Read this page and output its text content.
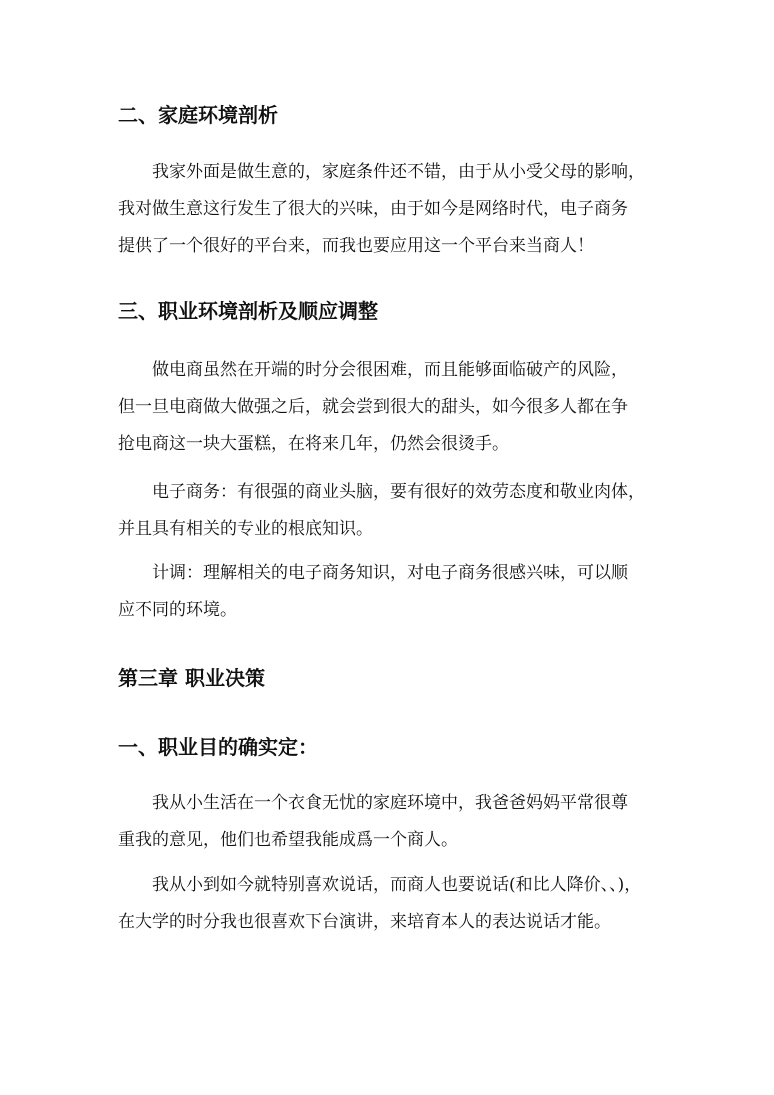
二、家庭环境剖析
我家外面是做生意的，家庭条件还不错，由于从小受父母的影响，
我对做生意这行发生了很大的兴味，由于如今是网络时代，电子商务
提供了一个很好的平台来，而我也要应用这一个平台来当商人！
三、职业环境剖析及顺应调整
做电商虽然在开端的时分会很困难，而且能够面临破产的风险，
但一旦电商做大做强之后，就会尝到很大的甜头，如今很多人都在争
抢电商这一块大蛋糕，在将来几年，仍然会很烫手。
电子商务：有很强的商业头脑，要有很好的效劳态度和敬业肉体，
并且具有相关的专业的根底知识。
计调：理解相关的电子商务知识，对电子商务很感兴味，可以顺
应不同的环境。
第三章 职业决策
一、职业目的确实定：
我从小生活在一个衣食无忧的家庭环境中，我爸爸妈妈平常很尊
重我的意见，他们也希望我能成爲一个商人。
我从小到如今就特别喜欢说话，而商人也要说话(和比人降价、、)，
在大学的时分我也很喜欢下台演讲，来培育本人的表达说话才能。
